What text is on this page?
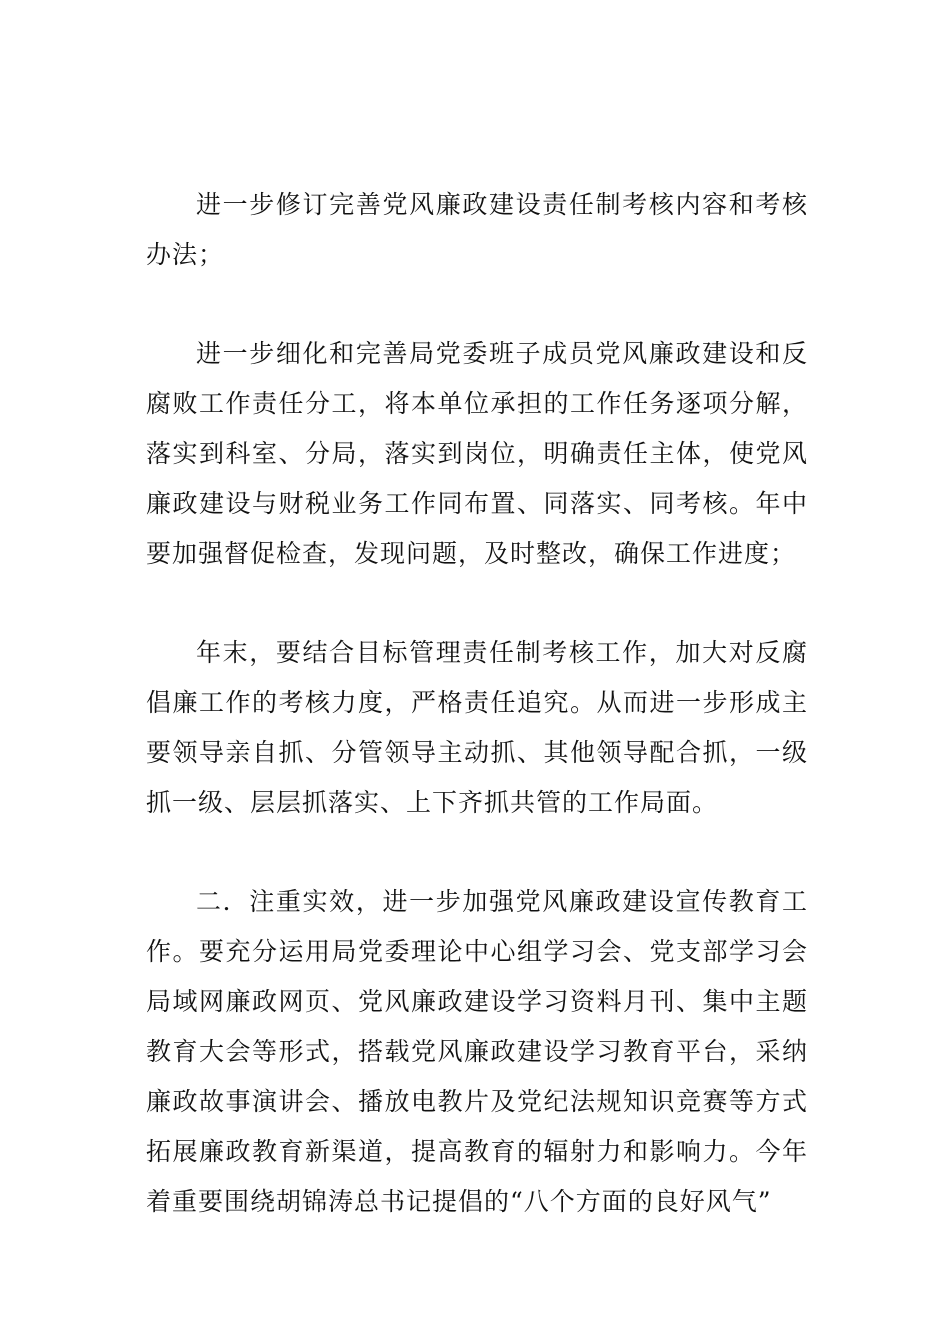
进一步修订完善党风廉政建设责任制考核内容和考核办法；

进一步细化和完善局党委班子成员党风廉政建设和反腐败工作责任分工，将本单位承担的工作任务逐项分解，落实到科室、分局，落实到岗位，明确责任主体，使党风廉政建设与财税业务工作同布置、同落实、同考核。年中要加强督促检查，发现问题，及时整改，确保工作进度；

年末，要结合目标管理责任制考核工作，加大对反腐倡廉工作的考核力度，严格责任追究。从而进一步形成主要领导亲自抓、分管领导主动抓、其他领导配合抓，一级抓一级、层层抓落实、上下齐抓共管的工作局面。

二．注重实效，进一步加强党风廉政建设宣传教育工作。要充分运用局党委理论中心组学习会、党支部学习会局域网廉政网页、党风廉政建设学习资料月刊、集中主题教育大会等形式，搭载党风廉政建设学习教育平台，采纳廉政故事演讲会、播放电教片及党纪法规知识竞赛等方式拓展廉政教育新渠道，提高教育的辐射力和影响力。今年着重要围绕胡锦涛总书记提倡的“八个方面的良好风气”
